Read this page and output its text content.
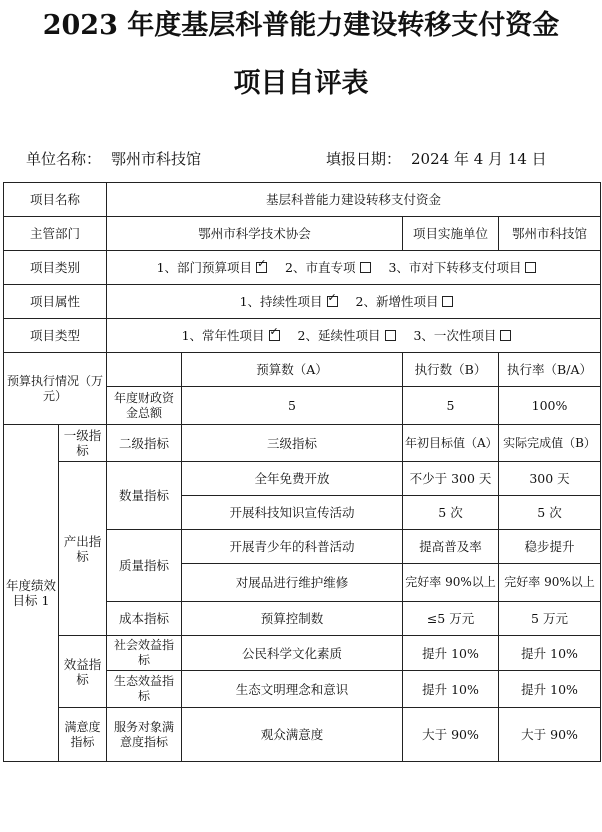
2023 年度基层科普能力建设转移支付资金
项目自评表
单位名称： 鄂州市科技馆	填报日期： 2024 年 4 月 14 日
项目名称		基层科普能力建设转移支付资金			
主管部门		鄂州市科学技术协会		项目实施单位	鄂州市科技馆
项目类别		1、部门预算项目 ✓ 2、市直专项 3、市对下转移支付项目
项目属性		1、持续性项目 ✓ 2、新增性项目
项目类型		1、常年性项目 ✓ 2、延续性项目 3、一次性项目
预算执行情况（万元）			预算数（A）	执行数（B）	执行率（B/A）
		年度财政资金总额	5	5	100%
年度绩效目标 1	一级指标	二级指标	三级指标	年初目标值（A）	实际完成值（B）
	产出指标	数量指标	全年免费开放	不少于 300 天	300 天
			开展科技知识宣传活动	5 次	5 次
		质量指标	开展青少年的科普活动	提高普及率	稳步提升
			对展品进行维护维修	完好率 90%以上	完好率 90%以上
		成本指标	预算控制数	≤5 万元	5 万元
	效益指标	社会效益指标	公民科学文化素质	提升 10%	提升 10%
		生态效益指标	生态文明理念和意识	提升 10%	提升 10%
	满意度指标	服务对象满意度指标	观众满意度	大于 90%	大于 90%
